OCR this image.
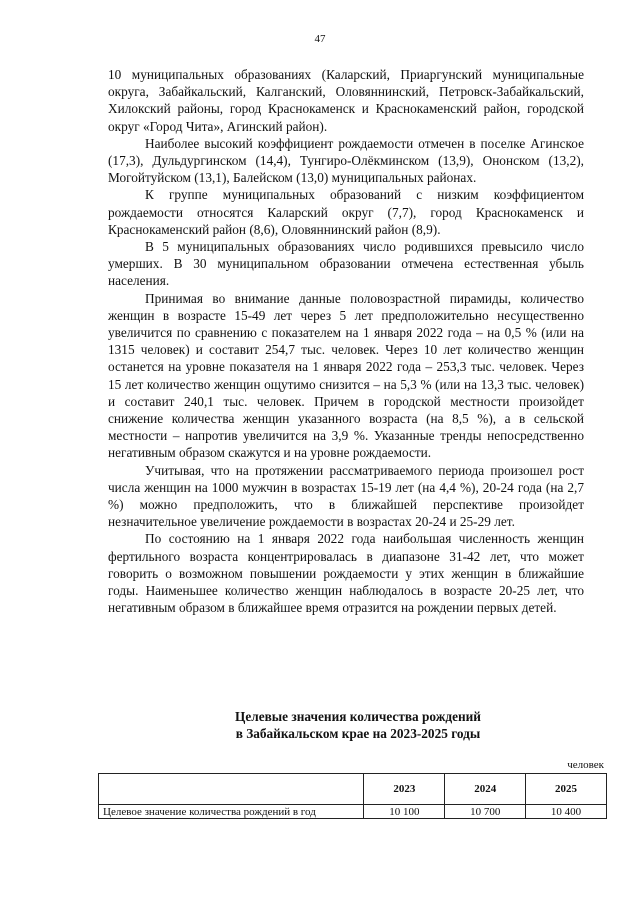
47

10 муниципальных образованиях (Каларский, Приаргунский муниципальные округа, Забайкальский, Калганский, Оловяннинский, Петровск-Забайкальский, Хилокский районы, город Краснокаменск и Краснокаменский район, городской округ «Город Чита», Агинский район).

Наиболее высокий коэффициент рождаемости отмечен в поселке Агинское (17,3), Дульдургинском (14,4), Тунгиро-Олёкминском (13,9), Ононском (13,2), Могойтуйском (13,1), Балейском (13,0) муниципальных районах.

К группе муниципальных образований с низким коэффициентом рождаемости относятся Каларский округ (7,7), город Краснокаменск и Краснокаменский район (8,6), Оловяннинский район (8,9).

В 5 муниципальных образованиях число родившихся превысило число умерших. В 30 муниципальном образовании отмечена естественная убыль населения.

Принимая во внимание данные половозрастной пирамиды, количество женщин в возрасте 15-49 лет через 5 лет предположительно несущественно увеличится по сравнению с показателем на 1 января 2022 года – на 0,5 % (или на 1315 человек) и составит 254,7 тыс. человек. Через 10 лет количество женщин останется на уровне показателя на 1 января 2022 года – 253,3 тыс. человек. Через 15 лет количество женщин ощутимо снизится – на 5,3 % (или на 13,3 тыс. человек) и составит 240,1 тыс. человек. Причем в городской местности произойдет снижение количества женщин указанного возраста (на 8,5 %), а в сельской местности – напротив увеличится на 3,9 %. Указанные тренды непосредственно негативным образом скажутся и на уровне рождаемости.

Учитывая, что на протяжении рассматриваемого периода произошел рост числа женщин на 1000 мужчин в возрастах 15-19 лет (на 4,4 %), 20-24 года (на 2,7 %) можно предположить, что в ближайшей перспективе произойдет незначительное увеличение рождаемости в возрастах 20-24 и 25-29 лет.

По состоянию на 1 января 2022 года наибольшая численность женщин фертильного возраста концентрировалась в диапазоне 31-42 лет, что может говорить о возможном повышении рождаемости у этих женщин в ближайшие годы. Наименьшее количество женщин наблюдалось в возрасте 20-25 лет, что негативным образом в ближайшее время отразится на рождении первых детей.

Целевые значения количества рождений
в Забайкальском крае на 2023-2025 годы
человек
	2023	2024	2025
Целевое значение количества рождений в год	10 100	10 700	10 400
